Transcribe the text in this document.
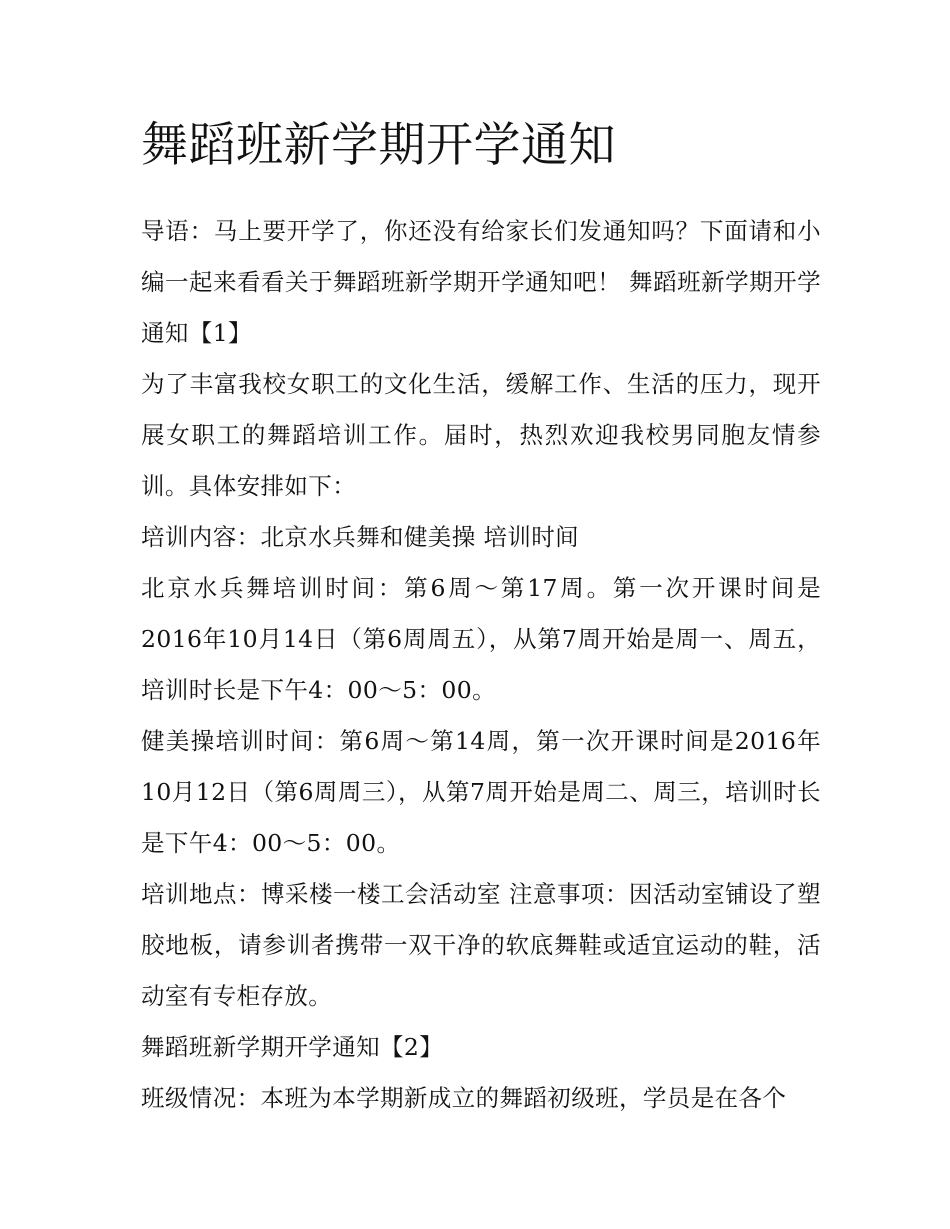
舞蹈班新学期开学通知

导语：马上要开学了，你还没有给家长们发通知吗？下面请和小编一起来看看关于舞蹈班新学期开学通知吧！ 舞蹈班新学期开学通知【1】

为了丰富我校女职工的文化生活，缓解工作、生活的压力，现开展女职工的舞蹈培训工作。届时，热烈欢迎我校男同胞友情参训。具体安排如下：

培训内容：北京水兵舞和健美操 培训时间

北京水兵舞培训时间：第6周～第17周。第一次开课时间是2016年10月14日（第6周周五），从第7周开始是周一、周五，培训时长是下午4：00～5：00。

健美操培训时间：第6周～第14周，第一次开课时间是2016年10月12日（第6周周三），从第7周开始是周二、周三，培训时长是下午4：00～5：00。

培训地点：博采楼一楼工会活动室 注意事项：因活动室铺设了塑胶地板，请参训者携带一双干净的软底舞鞋或适宜运动的鞋，活动室有专柜存放。

舞蹈班新学期开学通知【2】

班级情况：本班为本学期新成立的舞蹈初级班，学员是在各个
